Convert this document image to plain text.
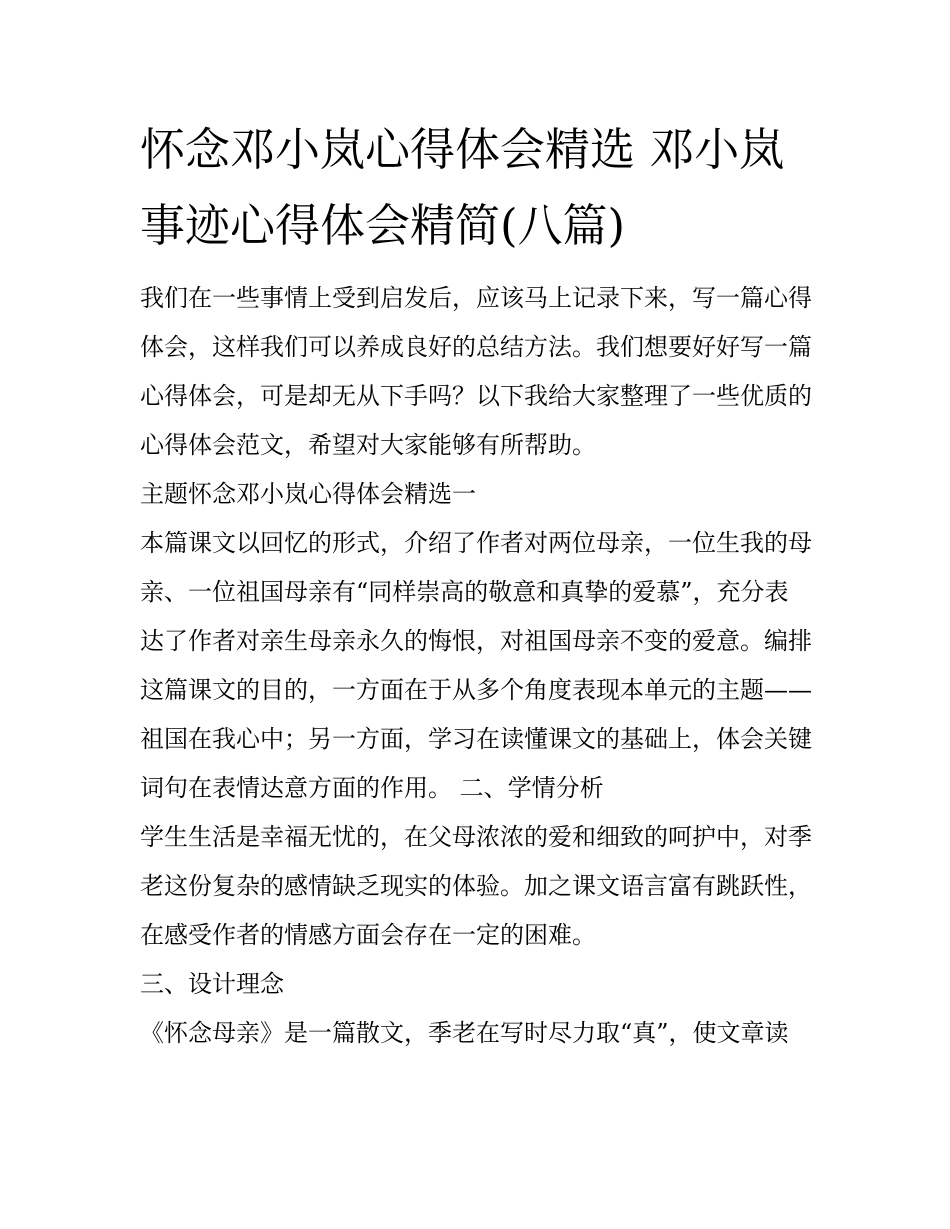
怀念邓小岚心得体会精选 邓小岚事迹心得体会精简(八篇)

我们在一些事情上受到启发后，应该马上记录下来，写一篇心得体会，这样我们可以养成良好的总结方法。我们想要好好写一篇心得体会，可是却无从下手吗？以下我给大家整理了一些优质的心得体会范文，希望对大家能够有所帮助。

主题怀念邓小岚心得体会精选一

本篇课文以回忆的形式，介绍了作者对两位母亲，一位生我的母亲、一位祖国母亲有“同样崇高的敬意和真挚的爱慕”，充分表达了作者对亲生母亲永久的悔恨，对祖国母亲不变的爱意。编排这篇课文的目的，一方面在于从多个角度表现本单元的主题——祖国在我心中；另一方面，学习在读懂课文的基础上，体会关键词句在表情达意方面的作用。 二、学情分析

学生生活是幸福无忧的，在父母浓浓的爱和细致的呵护中，对季老这份复杂的感情缺乏现实的体验。加之课文语言富有跳跃性，在感受作者的情感方面会存在一定的困难。

三、设计理念

《怀念母亲》是一篇散文，季老在写时尽力取“真”，使文章读
